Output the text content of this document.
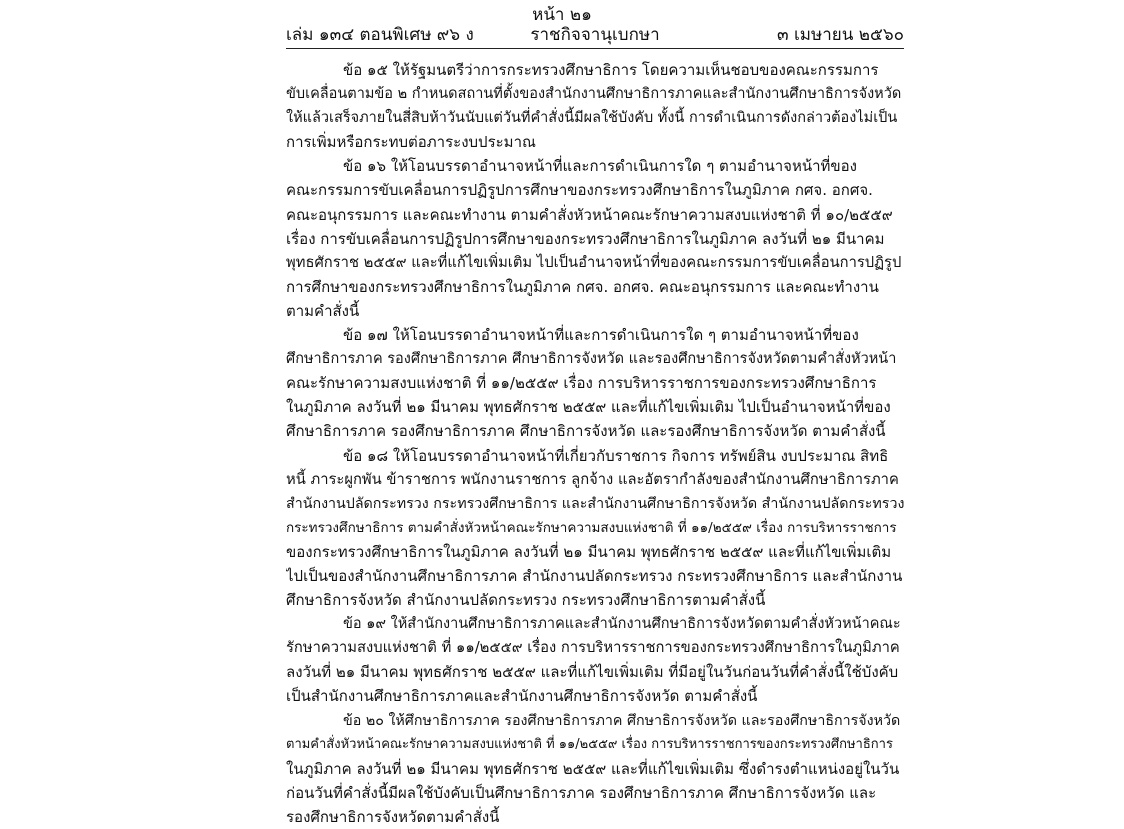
หน้า ๒๑
เล่ม ๑๓๔ ตอนพิเศษ ๙๖ ง	ราชกิจจานุเบกษา	๓ เมษายน ๒๕๖๐

ข้อ ๑๕ ให้รัฐมนตรีว่าการกระทรวงศึกษาธิการ โดยความเห็นชอบของคณะกรรมการ
ขับเคลื่อนตามข้อ ๒ กำหนดสถานที่ตั้งของสำนักงานศึกษาธิการภาคและสำนักงานศึกษาธิการจังหวัด
ให้แล้วเสร็จภายในสี่สิบห้าวันนับแต่วันที่คำสั่งนี้มีผลใช้บังคับ ทั้งนี้ การดำเนินการดังกล่าวต้องไม่เป็น
การเพิ่มหรือกระทบต่อภาระงบประมาณ

ข้อ ๑๖ ให้โอนบรรดาอำนาจหน้าที่และการดำเนินการใด ๆ ตามอำนาจหน้าที่ของ
คณะกรรมการขับเคลื่อนการปฏิรูปการศึกษาของกระทรวงศึกษาธิการในภูมิภาค กศจ. อกศจ.
คณะอนุกรรมการ และคณะทำงาน ตามคำสั่งหัวหน้าคณะรักษาความสงบแห่งชาติ ที่ ๑๐/๒๕๕๙
เรื่อง การขับเคลื่อนการปฏิรูปการศึกษาของกระทรวงศึกษาธิการในภูมิภาค ลงวันที่ ๒๑ มีนาคม
พุทธศักราช ๒๕๕๙ และที่แก้ไขเพิ่มเติม ไปเป็นอำนาจหน้าที่ของคณะกรรมการขับเคลื่อนการปฏิรูป
การศึกษาของกระทรวงศึกษาธิการในภูมิภาค กศจ. อกศจ. คณะอนุกรรมการ และคณะทำงาน
ตามคำสั่งนี้

ข้อ ๑๗ ให้โอนบรรดาอำนาจหน้าที่และการดำเนินการใด ๆ ตามอำนาจหน้าที่ของ
ศึกษาธิการภาค รองศึกษาธิการภาค ศึกษาธิการจังหวัด และรองศึกษาธิการจังหวัดตามคำสั่งหัวหน้า
คณะรักษาความสงบแห่งชาติ ที่ ๑๑/๒๕๕๙ เรื่อง การบริหารราชการของกระทรวงศึกษาธิการ
ในภูมิภาค ลงวันที่ ๒๑ มีนาคม พุทธศักราช ๒๕๕๙ และที่แก้ไขเพิ่มเติม ไปเป็นอำนาจหน้าที่ของ
ศึกษาธิการภาค รองศึกษาธิการภาค ศึกษาธิการจังหวัด และรองศึกษาธิการจังหวัด ตามคำสั่งนี้

ข้อ ๑๘ ให้โอนบรรดาอำนาจหน้าที่เกี่ยวกับราชการ กิจการ ทรัพย์สิน งบประมาณ สิทธิ
หนี้ ภาระผูกพัน ข้าราชการ พนักงานราชการ ลูกจ้าง และอัตรากำลังของสำนักงานศึกษาธิการภาค
สำนักงานปลัดกระทรวง กระทรวงศึกษาธิการ และสำนักงานศึกษาธิการจังหวัด สำนักงานปลัดกระทรวง
กระทรวงศึกษาธิการ ตามคำสั่งหัวหน้าคณะรักษาความสงบแห่งชาติ ที่ ๑๑/๒๕๕๙ เรื่อง การบริหารราชการ
ของกระทรวงศึกษาธิการในภูมิภาค ลงวันที่ ๒๑ มีนาคม พุทธศักราช ๒๕๕๙ และที่แก้ไขเพิ่มเติม
ไปเป็นของสำนักงานศึกษาธิการภาค สำนักงานปลัดกระทรวง กระทรวงศึกษาธิการ และสำนักงาน
ศึกษาธิการจังหวัด สำนักงานปลัดกระทรวง กระทรวงศึกษาธิการตามคำสั่งนี้

ข้อ ๑๙ ให้สำนักงานศึกษาธิการภาคและสำนักงานศึกษาธิการจังหวัดตามคำสั่งหัวหน้าคณะ
รักษาความสงบแห่งชาติ ที่ ๑๑/๒๕๕๙ เรื่อง การบริหารราชการของกระทรวงศึกษาธิการในภูมิภาค
ลงวันที่ ๒๑ มีนาคม พุทธศักราช ๒๕๕๙ และที่แก้ไขเพิ่มเติม ที่มีอยู่ในวันก่อนวันที่คำสั่งนี้ใช้บังคับ
เป็นสำนักงานศึกษาธิการภาคและสำนักงานศึกษาธิการจังหวัด ตามคำสั่งนี้

ข้อ ๒๐ ให้ศึกษาธิการภาค รองศึกษาธิการภาค ศึกษาธิการจังหวัด และรองศึกษาธิการจังหวัด
ตามคำสั่งหัวหน้าคณะรักษาความสงบแห่งชาติ ที่ ๑๑/๒๕๕๙ เรื่อง การบริหารราชการของกระทรวงศึกษาธิการ
ในภูมิภาค ลงวันที่ ๒๑ มีนาคม พุทธศักราช ๒๕๕๙ และที่แก้ไขเพิ่มเติม ซึ่งดำรงตำแหน่งอยู่ในวัน
ก่อนวันที่คำสั่งนี้มีผลใช้บังคับเป็นศึกษาธิการภาค รองศึกษาธิการภาค ศึกษาธิการจังหวัด และ
รองศึกษาธิการจังหวัดตามคำสั่งนี้
